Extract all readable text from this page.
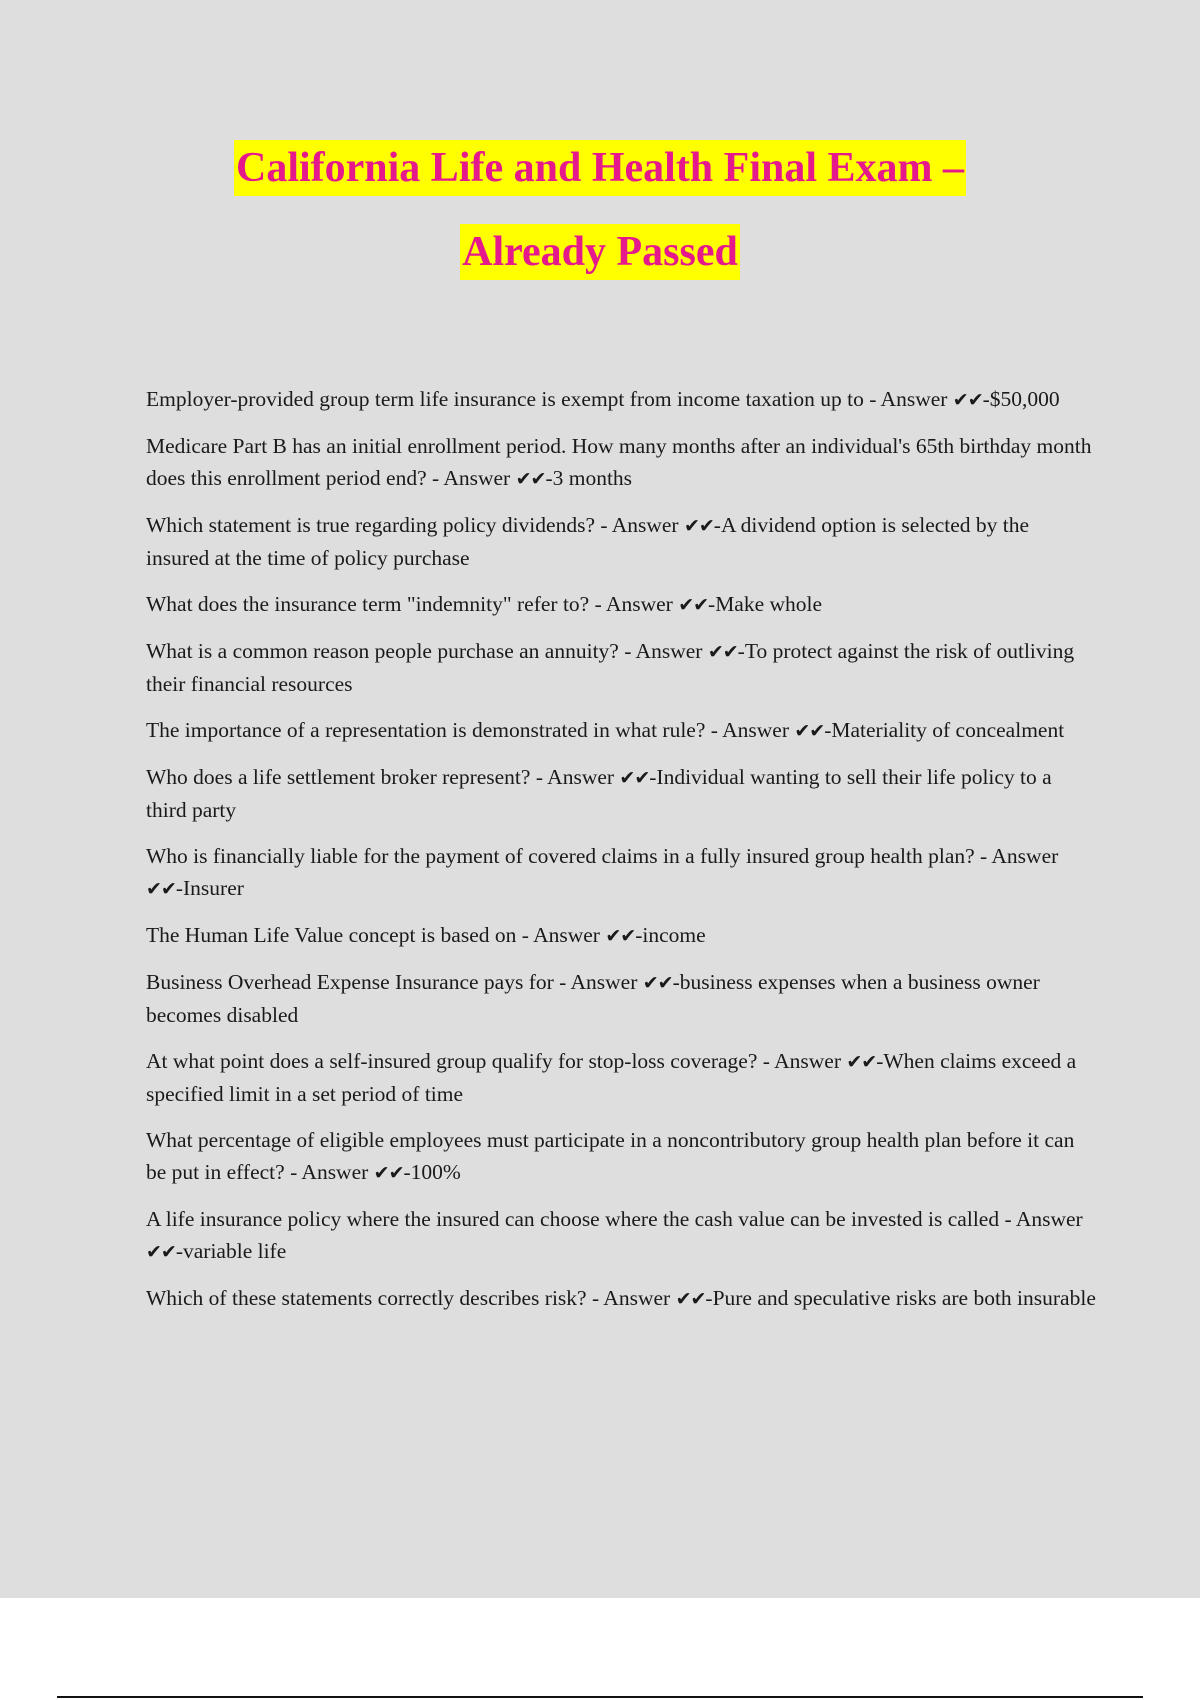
California Life and Health Final Exam –
Already Passed
Employer-provided group term life insurance is exempt from income taxation up to - Answer ✔✔-$50,000
Medicare Part B has an initial enrollment period. How many months after an individual's 65th birthday month does this enrollment period end? - Answer ✔✔-3 months
Which statement is true regarding policy dividends? - Answer ✔✔-A dividend option is selected by the insured at the time of policy purchase
What does the insurance term "indemnity" refer to? - Answer ✔✔-Make whole
What is a common reason people purchase an annuity? - Answer ✔✔-To protect against the risk of outliving their financial resources
The importance of a representation is demonstrated in what rule? - Answer ✔✔-Materiality of concealment
Who does a life settlement broker represent? - Answer ✔✔-Individual wanting to sell their life policy to a third party
Who is financially liable for the payment of covered claims in a fully insured group health plan? - Answer ✔✔-Insurer
The Human Life Value concept is based on - Answer ✔✔-income
Business Overhead Expense Insurance pays for - Answer ✔✔-business expenses when a business owner becomes disabled
At what point does a self-insured group qualify for stop-loss coverage? - Answer ✔✔-When claims exceed a specified limit in a set period of time
What percentage of eligible employees must participate in a noncontributory group health plan before it can be put in effect? - Answer ✔✔-100%
A life insurance policy where the insured can choose where the cash value can be invested is called - Answer ✔✔-variable life
Which of these statements correctly describes risk? - Answer ✔✔-Pure and speculative risks are both insurable
